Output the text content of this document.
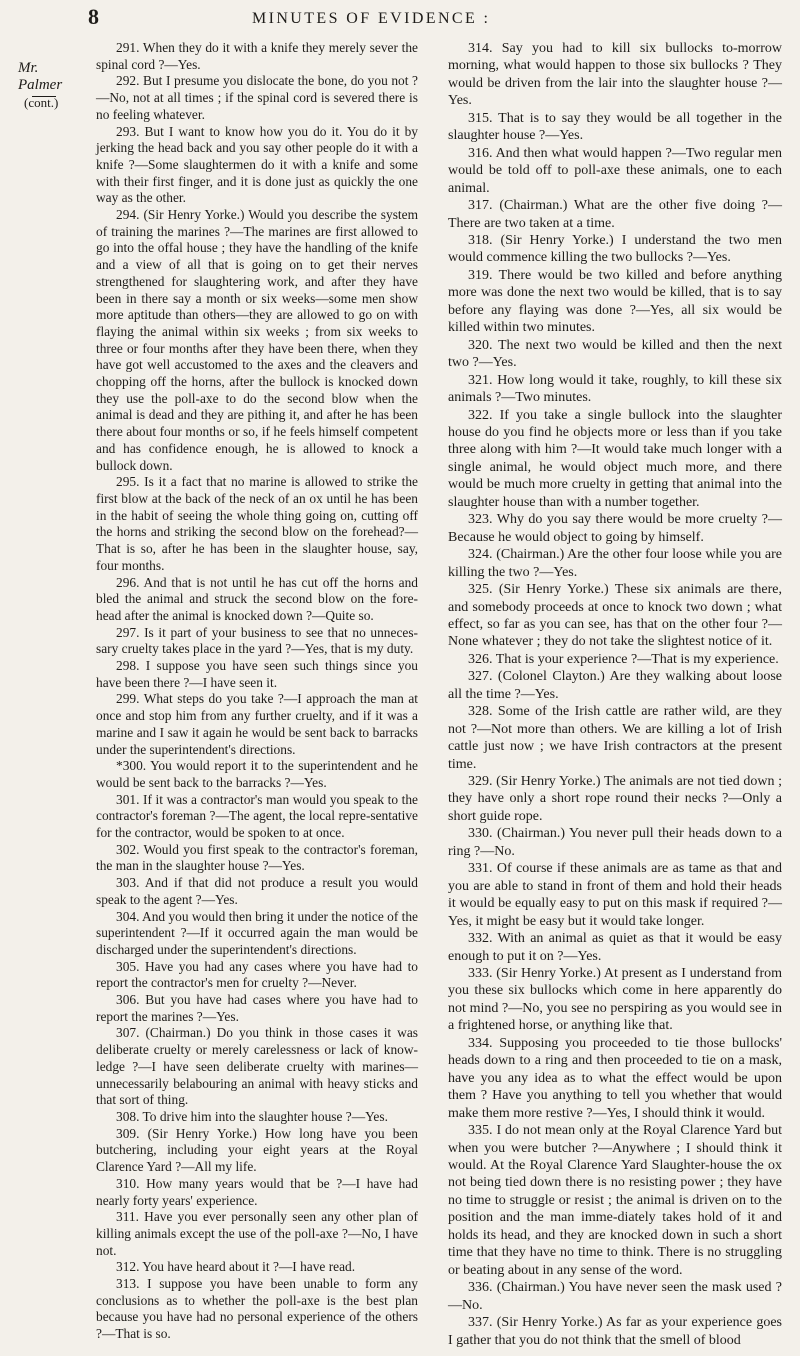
Mr. Palmer
(cont.)
8	MINUTES OF EVIDENCE :

291. When they do it with a knife they merely sever the spinal cord ?—Yes.

292. But I presume you dislocate the bone, do you not ?—No, not at all times ; if the spinal cord is severed there is no feeling whatever.

293. But I want to know how you do it. You do it by jerking the head back and you say other people do it with a knife ?—Some slaughtermen do it with a knife and some with their first finger, and it is done just as quickly the one way as the other.

294. (Sir Henry Yorke.) Would you describe the system of training the marines ?—The marines are first allowed to go into the offal house ; they have the handling of the knife and a view of all that is going on to get their nerves strengthened for slaughtering work, and after they have been in there say a month or six weeks—some men show more aptitude than others—they are allowed to go on with flaying the animal within six weeks ; from six weeks to three or four months after they have been there, when they have got well accustomed to the axes and the cleavers and chopping off the horns, after the bullock is knocked down they use the poll-axe to do the second blow when the animal is dead and they are pithing it, and after he has been there about four months or so, if he feels himself competent and has confidence enough, he is allowed to knock a bullock down.

295. Is it a fact that no marine is allowed to strike the first blow at the back of the neck of an ox until he has been in the habit of seeing the whole thing going on, cutting off the horns and striking the second blow on the forehead?—That is so, after he has been in the slaughter house, say, four months.

296. And that is not until he has cut off the horns and bled the animal and struck the second blow on the fore-head after the animal is knocked down ?—Quite so.

297. Is it part of your business to see that no unneces-sary cruelty takes place in the yard ?—Yes, that is my duty.

298. I suppose you have seen such things since you have been there ?—I have seen it.

299. What steps do you take ?—I approach the man at once and stop him from any further cruelty, and if it was a marine and I saw it again he would be sent back to barracks under the superintendent's directions.

*300. You would report it to the superintendent and he would be sent back to the barracks ?—Yes.

301. If it was a contractor's man would you speak to the contractor's foreman ?—The agent, the local repre-sentative for the contractor, would be spoken to at once.

302. Would you first speak to the contractor's foreman, the man in the slaughter house ?—Yes.

303. And if that did not produce a result you would speak to the agent ?—Yes.

304. And you would then bring it under the notice of the superintendent ?—If it occurred again the man would be discharged under the superintendent's directions.

305. Have you had any cases where you have had to report the contractor's men for cruelty ?—Never.

306. But you have had cases where you have had to report the marines ?—Yes.

307. (Chairman.) Do you think in those cases it was deliberate cruelty or merely carelessness or lack of know-ledge ?—I have seen deliberate cruelty with marines—unnecessarily belabouring an animal with heavy sticks and that sort of thing.

308. To drive him into the slaughter house ?—Yes.

309. (Sir Henry Yorke.) How long have you been butchering, including your eight years at the Royal Clarence Yard ?—All my life.

310. How many years would that be ?—I have had nearly forty years' experience.

311. Have you ever personally seen any other plan of killing animals except the use of the poll-axe ?—No, I have not.

312. You have heard about it ?—I have read.

313. I suppose you have been unable to form any conclusions as to whether the poll-axe is the best plan because you have had no personal experience of the others ?—That is so.

314. Say you had to kill six bullocks to-morrow morning, what would happen to those six bullocks ? They would be driven from the lair into the slaughter house ?—Yes.

315. That is to say they would be all together in the slaughter house ?—Yes.

316. And then what would happen ?—Two regular men would be told off to poll-axe these animals, one to each animal.

317. (Chairman.) What are the other five doing ?—There are two taken at a time.

318. (Sir Henry Yorke.) I understand the two men would commence killing the two bullocks ?—Yes.

319. There would be two killed and before anything more was done the next two would be killed, that is to say before any flaying was done ?—Yes, all six would be killed within two minutes.

320. The next two would be killed and then the next two ?—Yes.

321. How long would it take, roughly, to kill these six animals ?—Two minutes.

322. If you take a single bullock into the slaughter house do you find he objects more or less than if you take three along with him ?—It would take much longer with a single animal, he would object much more, and there would be much more cruelty in getting that animal into the slaughter house than with a number together.

323. Why do you say there would be more cruelty ?—Because he would object to going by himself.

324. (Chairman.) Are the other four loose while you are killing the two ?—Yes.

325. (Sir Henry Yorke.) These six animals are there, and somebody proceeds at once to knock two down ; what effect, so far as you can see, has that on the other four ?—None whatever ; they do not take the slightest notice of it.

326. That is your experience ?—That is my experience.

327. (Colonel Clayton.) Are they walking about loose all the time ?—Yes.

328. Some of the Irish cattle are rather wild, are they not ?—Not more than others. We are killing a lot of Irish cattle just now ; we have Irish contractors at the present time.

329. (Sir Henry Yorke.) The animals are not tied down ; they have only a short rope round their necks ?—Only a short guide rope.

330. (Chairman.) You never pull their heads down to a ring ?—No.

331. Of course if these animals are as tame as that and you are able to stand in front of them and hold their heads it would be equally easy to put on this mask if required ?—Yes, it might be easy but it would take longer.

332. With an animal as quiet as that it would be easy enough to put it on ?—Yes.

333. (Sir Henry Yorke.) At present as I understand from you these six bullocks which come in here apparently do not mind ?—No, you see no perspiring as you would see in a frightened horse, or anything like that.

334. Supposing you proceeded to tie those bullocks' heads down to a ring and then proceeded to tie on a mask, have you any idea as to what the effect would be upon them ? Have you anything to tell you whether that would make them more restive ?—Yes, I should think it would.

335. I do not mean only at the Royal Clarence Yard but when you were butcher ?—Anywhere ; I should think it would. At the Royal Clarence Yard Slaughter-house the ox not being tied down there is no resisting power ; they have no time to struggle or resist ; the animal is driven on to the position and the man imme-diately takes hold of it and holds its head, and they are knocked down in such a short time that they have no time to think. There is no struggling or beating about in any sense of the word.

336. (Chairman.) You have never seen the mask used ?—No.

337. (Sir Henry Yorke.) As far as your experience goes I gather that you do not think that the smell of blood
